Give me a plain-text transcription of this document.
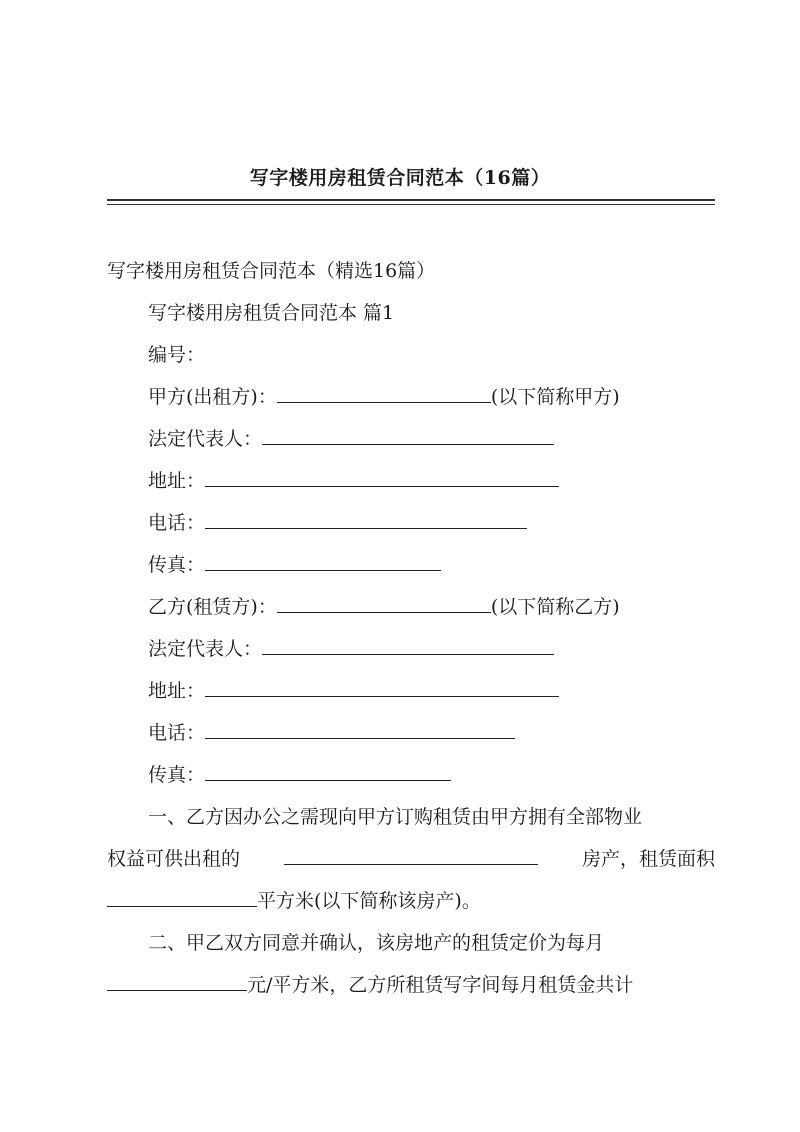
写字楼用房租赁合同范本（16篇）
写字楼用房租赁合同范本（精选16篇）
写字楼用房租赁合同范本 篇1
编号：
甲方(出租方)：	(以下简称甲方)
法定代表人：
地址：
电话：
传真：
乙方(租赁方)：	(以下简称乙方)
法定代表人：
地址：
电话：
传真：
一、乙方因办公之需现向甲方订购租赁由甲方拥有全部物业
权益可供出租的	房产，租赁面积
平方米(以下简称该房产)。
二、甲乙双方同意并确认，该房地产的租赁定价为每月
元/平方米，乙方所租赁写字间每月租赁金共计
